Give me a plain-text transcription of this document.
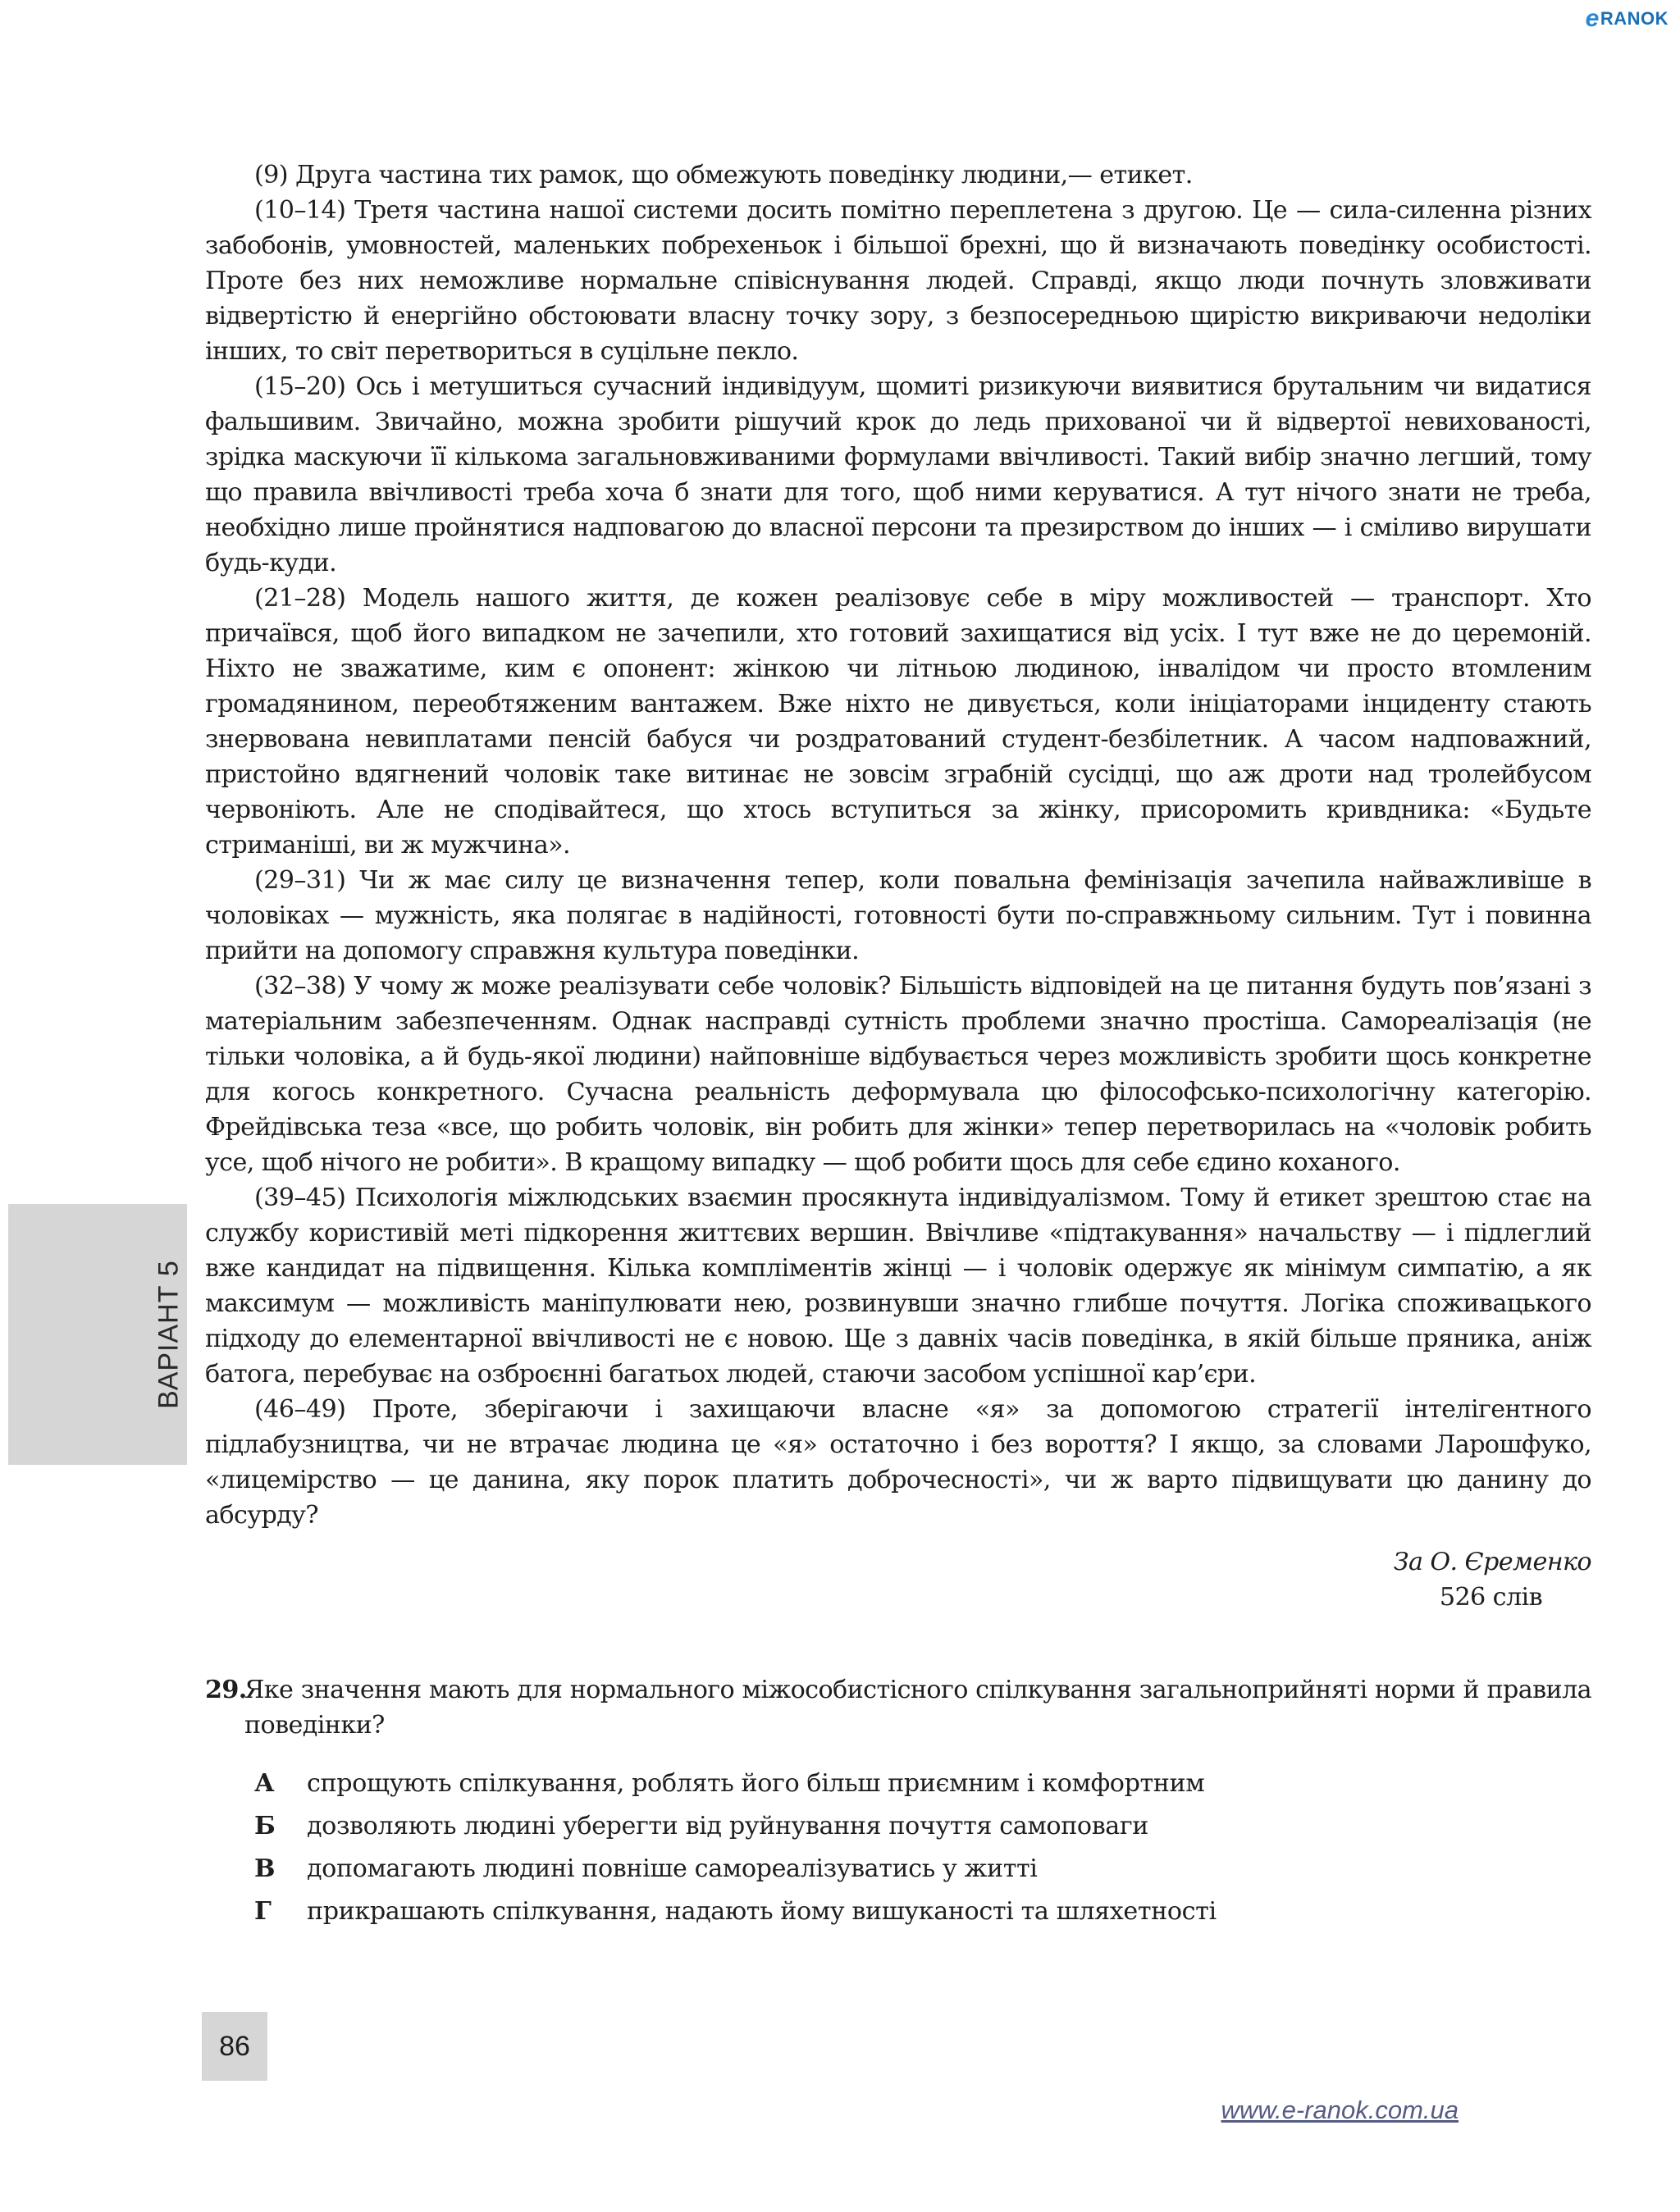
e RANOK
ВАРІАНТ 5

(9) Друга частина тих рамок, що обмежують поведінку людини,— етикет.

(10–14) Третя частина нашої системи досить помітно переплетена з другою. Це — сила-силенна різних забобонів, умовностей, маленьких побрехеньок і більшої брехні, що й визначають поведінку особистості. Проте без них неможливе нормальне співіснування людей. Справді, якщо люди почнуть зловживати відвертістю й енергійно обстоювати власну точку зору, з безпосередньою щирістю викриваючи недоліки інших, то світ перетвориться в суцільне пекло.

(15–20) Ось і метушиться сучасний індивідуум, щомиті ризикуючи виявитися брутальним чи видатися фальшивим. Звичайно, можна зробити рішучий крок до ледь прихованої чи й відвертої невихованості, зрідка маскуючи її кількома загальновживаними формулами ввічливості. Такий вибір значно легший, тому що правила ввічливості треба хоча б знати для того, щоб ними керуватися. А тут нічого знати не треба, необхідно лише пройнятися надповагою до власної персони та презирством до інших — і сміливо вирушати будь-куди.

(21–28) Модель нашого життя, де кожен реалізовує себе в міру можливостей — транспорт. Хто причаївся, щоб його випадком не зачепили, хто готовий захищатися від усіх. І тут вже не до церемоній. Ніхто не зважатиме, ким є опонент: жінкою чи літньою людиною, інвалідом чи просто втомленим громадянином, переобтяженим вантажем. Вже ніхто не дивується, коли ініціаторами інциденту стають знервована невиплатами пенсій бабуся чи роздратований студент-безбілетник. А часом надповажний, пристойно вдягнений чоловік таке витинає не зовсім зграбній сусідці, що аж дроти над тролейбусом червоніють. Але не сподівайтеся, що хтось вступиться за жінку, присоромить кривдника: «Будьте стриманіші, ви ж мужчина».

(29–31) Чи ж має силу це визначення тепер, коли повальна фемінізація зачепила найважливіше в чоловіках — мужність, яка полягає в надійності, готовності бути по-справжньому сильним. Тут і повинна прийти на допомогу справжня культура поведінки.

(32–38) У чому ж може реалізувати себе чоловік? Більшість відповідей на це питання будуть пов’язані з матеріальним забезпеченням. Однак насправді сутність проблеми значно простіша. Самореалізація (не тільки чоловіка, а й будь-якої людини) найповніше відбувається через можливість зробити щось конкретне для когось конкретного. Сучасна реальність деформувала цю філософсько-психологічну категорію. Фрейдівська теза «все, що робить чоловік, він робить для жінки» тепер перетворилась на «чоловік робить усе, щоб нічого не робити». В кращому випадку — щоб робити щось для себе єдино коханого.

(39–45) Психологія міжлюдських взаємин просякнута індивідуалізмом. Тому й етикет зрештою стає на службу користивій меті підкорення життєвих вершин. Ввічливе «підтакування» начальству — і підлеглий вже кандидат на підвищення. Кілька компліментів жінці — і чоловік одержує як мінімум симпатію, а як максимум — можливість маніпулювати нею, розвинувши значно глибше почуття. Логіка споживацького підходу до елементарної ввічливості не є новою. Ще з давніх часів поведінка, в якій більше пряника, аніж батога, перебуває на озброєнні багатьох людей, стаючи засобом успішної кар’єри.

(46–49) Проте, зберігаючи і захищаючи власне «я» за допомогою стратегії інтелігентного підлабузництва, чи не втрачає людина це «я» остаточно і без вороття? І якщо, за словами Ларошфуко, «лицемірство — це данина, яку порок платить доброчесності», чи ж варто підвищувати цю данину до абсурду?

За О. Єременко
526 слів
29.
Яке значення мають для нормального міжособистісного спілкування загальноприйняті норми й правила поведінки?
А спрощують спілкування, роблять його більш приємним і комфортним
Б дозволяють людині уберегти від руйнування почуття самоповаги
В допомагають людині повніше самореалізуватись у житті
Г прикрашають спілкування, надають йому вишуканості та шляхетності
86
www.e-ranok.com.ua
